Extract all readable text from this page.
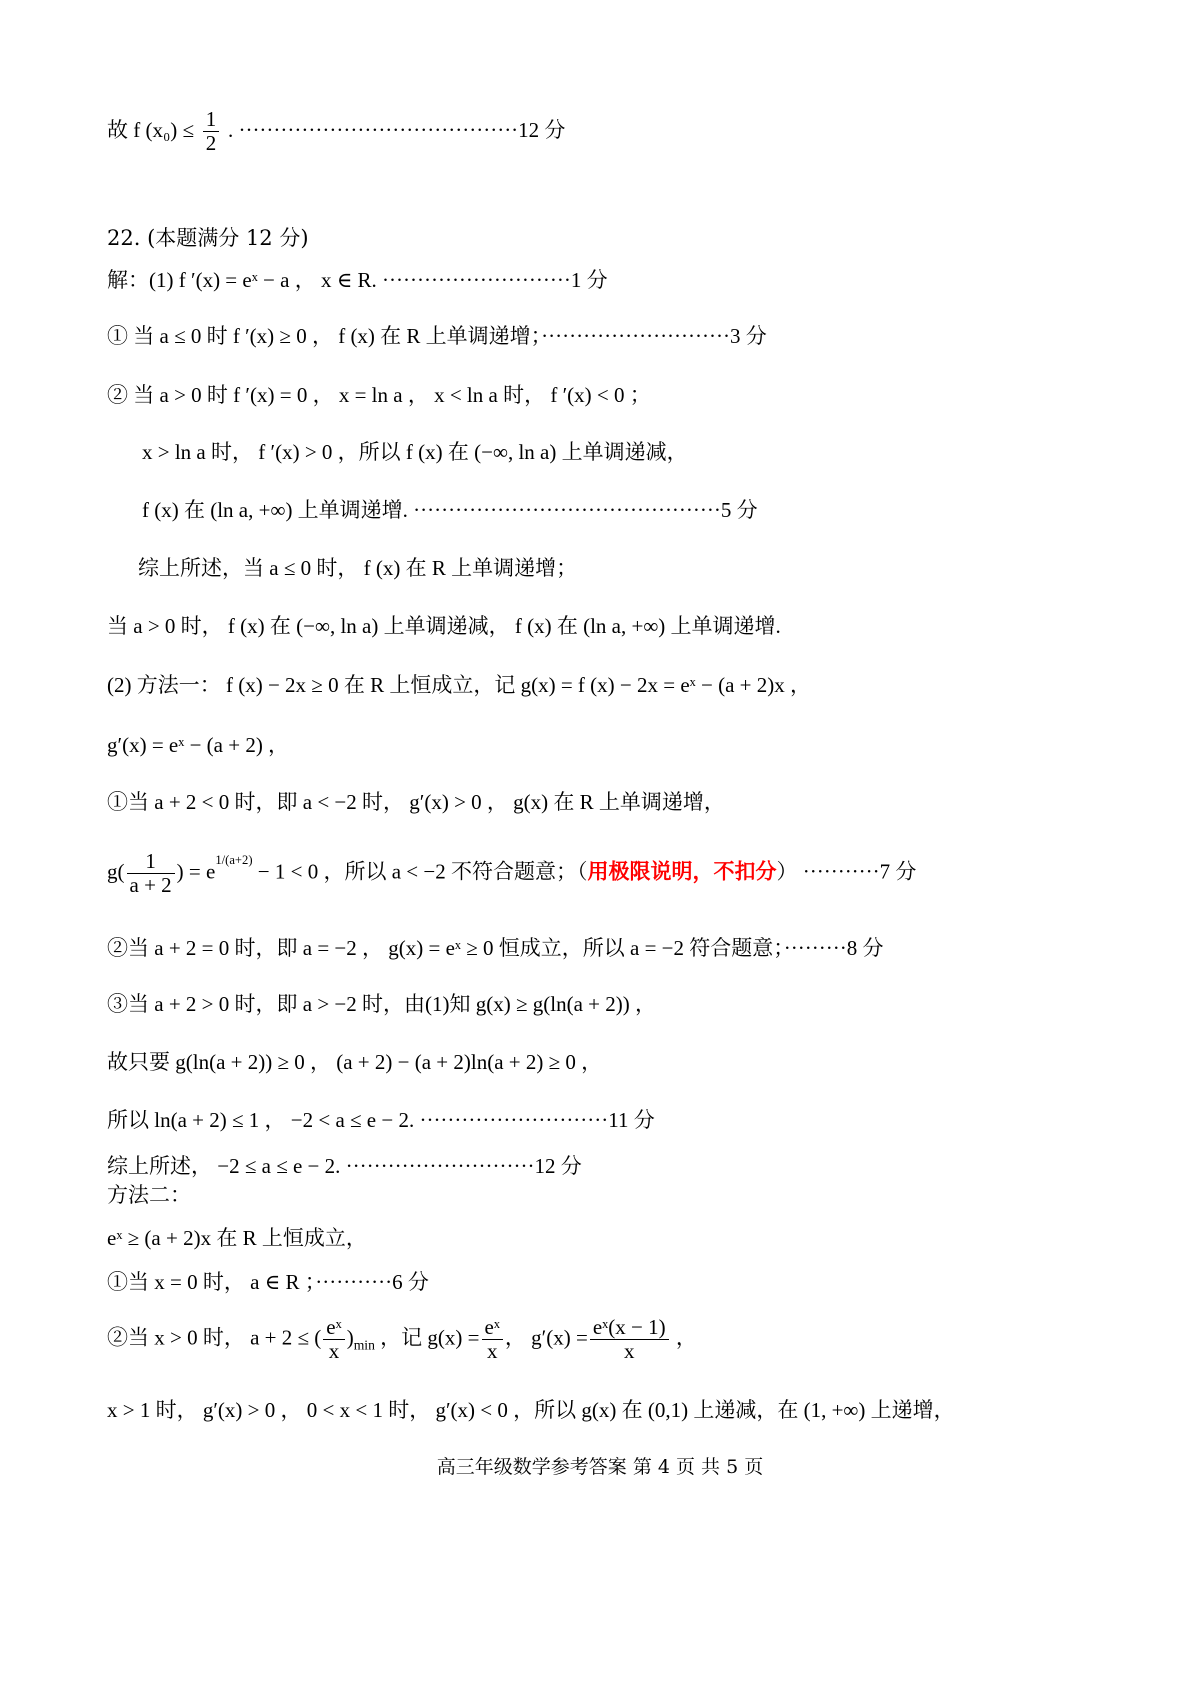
故 f $(x_0) \le \frac{1}{2}$ . ········································12 分
22. (本题满分 12 分)
解：(1) f ′(x) = eˣ − a ， x ∈ R. ···························1 分
① 当 a ≤ 0 时 f ′(x) ≥ 0 ， f (x) 在 R 上单调递增；···························3 分
② 当 a > 0 时 f ′(x) = 0 ， x = ln a ， x < ln a 时， f ′(x) < 0 ；
x > ln a 时， f ′(x) > 0 ，所以 f (x) 在 (−∞, ln a) 上单调递减，
f (x) 在 (ln a, +∞) 上单调递增. ············································5 分
综上所述，当 a ≤ 0 时， f (x) 在 R 上单调递增；
当 a > 0 时， f (x) 在 (−∞, ln a) 上单调递减， f (x) 在 (ln a, +∞) 上单调递增.
(2) 方法一： f (x) − 2x ≥ 0 在 R 上恒成立，记 g(x) = f (x) − 2x = eˣ − (a + 2)x ，
g′(x) = eˣ − (a + 2) ，
①当 a + 2 < 0 时，即 a < −2 时， g′(x) > 0 ， g(x) 在 R 上单调递增，
$g( \frac{1}{a + 2}$ ) = $e^{1/(a+2)} - 1 < 0$ ，所以 a < −2 不符合题意；（用极限说明，不扣分） ···········7 分
②当 a + 2 = 0 时，即 a = −2 ， g(x) = eˣ ≥ 0 恒成立，所以 a = −2 符合题意；·········8 分
③当 a + 2 > 0 时，即 a > −2 时，由(1)知 g(x) ≥ g(ln(a + 2)) ，
故只要 g(ln(a + 2)) ≥ 0 ， (a + 2) − (a + 2)ln(a + 2) ≥ 0 ，
所以 ln(a + 2) ≤ 1 ， −2 < a ≤ e − 2. ···························11 分
综上所述， −2 ≤ a ≤ e − 2. ···························12 分
方法二：
eˣ ≥ (a + 2)x 在 R 上恒成立，
①当 x = 0 时， a ∈ R ；···········6 分
②当 x > 0 时， a + 2 ≤ ( $\frac{\text{eˣ}}{x} )_{min}$ ，记 $g(x) = \frac{\text{eˣ}}{x}$ ， $g'(x) = \frac{\text{eˣ(x − 1)}}{x}$ ，
x > 1 时， g′(x) > 0 ， 0 < x < 1 时， g′(x) < 0 ，所以 g(x) 在 (0,1) 上递减，在 (1, +∞) 上递增，
高三年级数学参考答案 第 4 页 共 5 页
